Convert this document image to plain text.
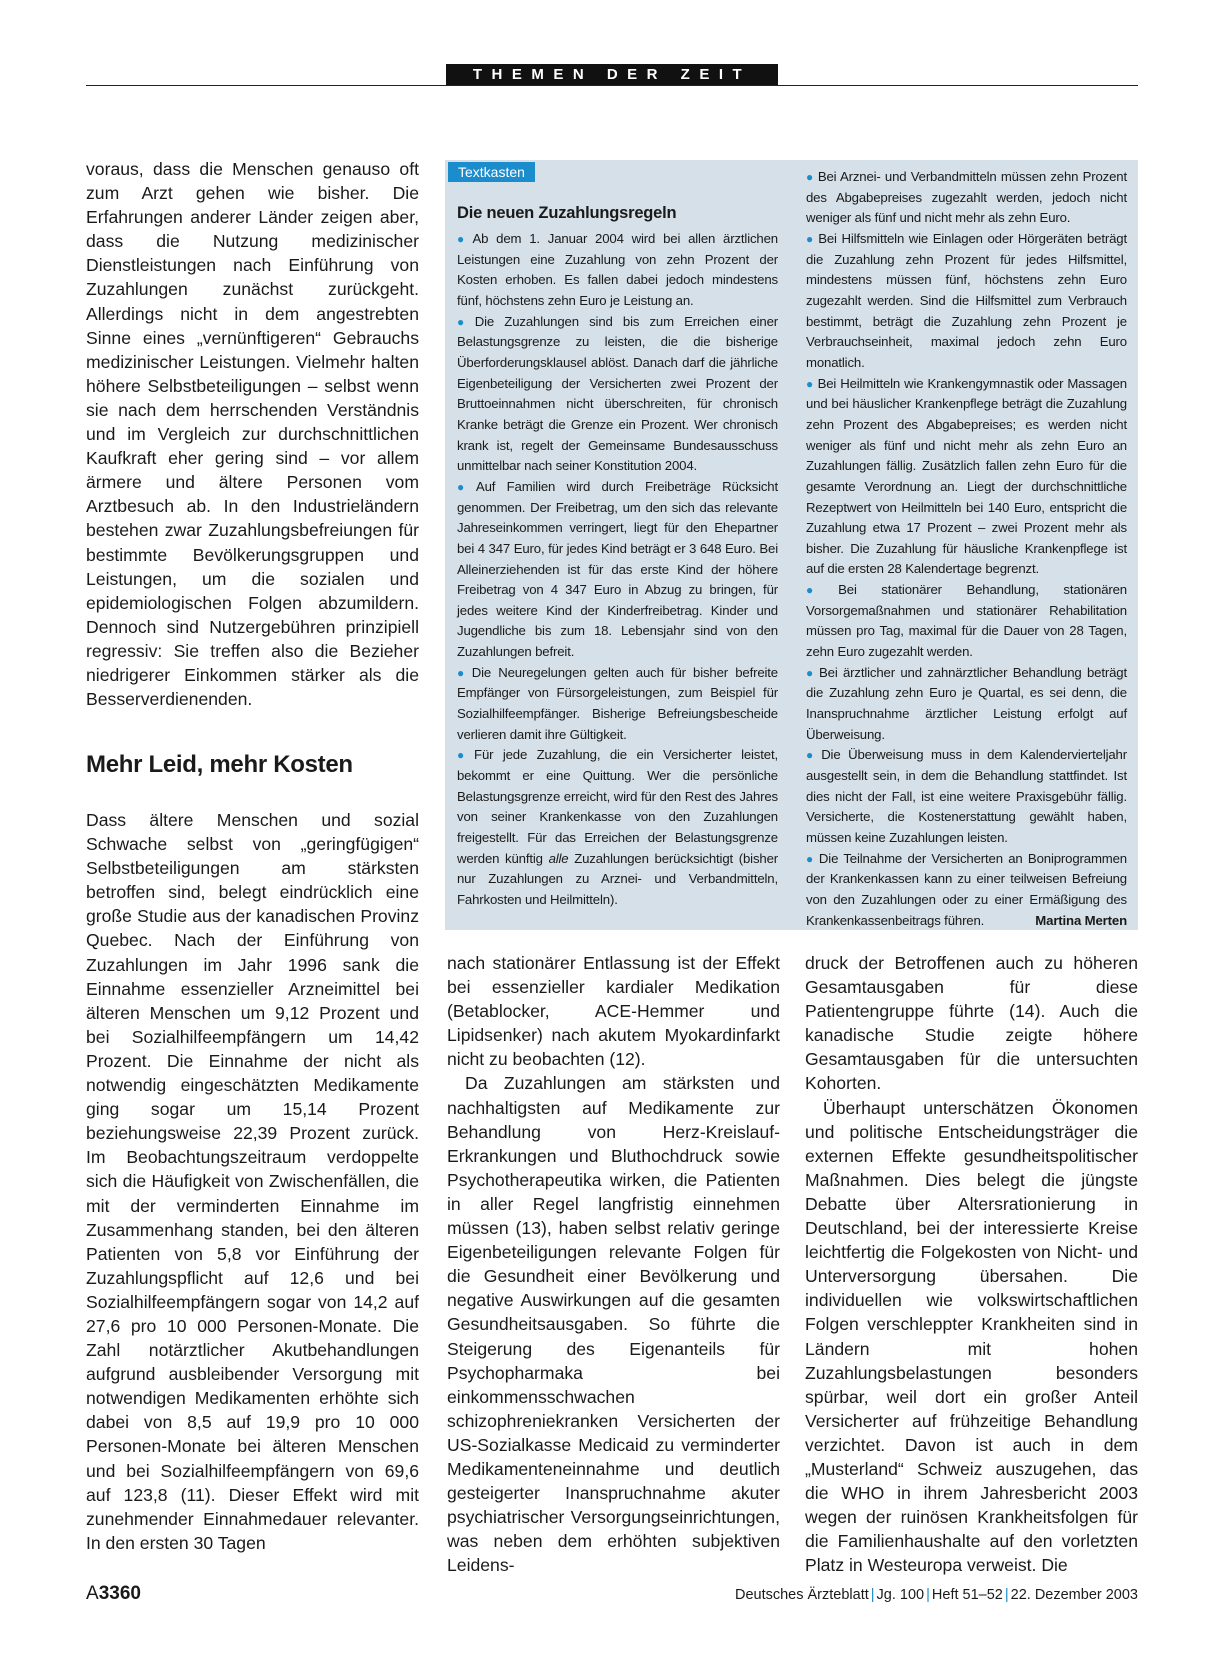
THEMEN DER ZEIT

voraus, dass die Menschen genauso oft zum Arzt gehen wie bisher. Die Erfahrungen anderer Länder zeigen aber, dass die Nutzung medizinischer Dienstleistungen nach Einführung von Zuzahlungen zunächst zurückgeht. Allerdings nicht in dem angestrebten Sinne eines „vernünftigeren“ Gebrauchs medizinischer Leistungen. Vielmehr halten höhere Selbstbeteiligungen – selbst wenn sie nach dem herrschenden Verständnis und im Vergleich zur durchschnittlichen Kaufkraft eher gering sind – vor allem ärmere und ältere Personen vom Arztbesuch ab. In den Industrieländern bestehen zwar Zuzahlungsbefreiungen für bestimmte Bevölkerungsgruppen und Leistungen, um die sozialen und epidemiologischen Folgen abzumildern. Dennoch sind Nutzergebühren prinzipiell regressiv: Sie treffen also die Bezieher niedrigerer Einkommen stärker als die Besserverdienenden.

Mehr Leid, mehr Kosten

Dass ältere Menschen und sozial Schwache selbst von „geringfügigen“ Selbstbeteiligungen am stärksten betroffen sind, belegt eindrücklich eine große Studie aus der kanadischen Provinz Quebec. Nach der Einführung von Zuzahlungen im Jahr 1996 sank die Einnahme essenzieller Arzneimittel bei älteren Menschen um 9,12 Prozent und bei Sozialhilfeempfängern um 14,42 Prozent. Die Einnahme der nicht als notwendig eingeschätzten Medikamente ging sogar um 15,14 Prozent beziehungsweise 22,39 Prozent zurück. Im Beobachtungszeitraum verdoppelte sich die Häufigkeit von Zwischenfällen, die mit der verminderten Einnahme im Zusammenhang standen, bei den älteren Patienten von 5,8 vor Einführung der Zuzahlungspflicht auf 12,6 und bei Sozialhilfeempfängern sogar von 14,2 auf 27,6 pro 10 000 Personen-Monate. Die Zahl notärztlicher Akutbehandlungen aufgrund ausbleibender Versorgung mit notwendigen Medikamenten erhöhte sich dabei von 8,5 auf 19,9 pro 10 000 Personen-Monate bei älteren Menschen und bei Sozialhilfeempfängern von 69,6 auf 123,8 (11). Dieser Effekt wird mit zunehmender Einnahmedauer relevanter. In den ersten 30 Tagen

Textkasten
Die neuen Zuzahlungsregeln

● Ab dem 1. Januar 2004 wird bei allen ärztlichen Leistungen eine Zuzahlung von zehn Prozent der Kosten erhoben. Es fallen dabei jedoch mindestens fünf, höchstens zehn Euro je Leistung an.

● Die Zuzahlungen sind bis zum Erreichen einer Belastungsgrenze zu leisten, die die bisherige Überforderungsklausel ablöst. Danach darf die jährliche Eigenbeteiligung der Versicherten zwei Prozent der Bruttoeinnahmen nicht überschreiten, für chronisch Kranke beträgt die Grenze ein Prozent. Wer chronisch krank ist, regelt der Gemeinsame Bundesausschuss unmittelbar nach seiner Konstitution 2004.

● Auf Familien wird durch Freibeträge Rücksicht genommen. Der Freibetrag, um den sich das relevante Jahreseinkommen verringert, liegt für den Ehepartner bei 4 347 Euro, für jedes Kind beträgt er 3 648 Euro. Bei Alleinerziehenden ist für das erste Kind der höhere Freibetrag von 4 347 Euro in Abzug zu bringen, für jedes weitere Kind der Kinderfreibetrag. Kinder und Jugendliche bis zum 18. Lebensjahr sind von den Zuzahlungen befreit.

● Die Neuregelungen gelten auch für bisher befreite Empfänger von Fürsorgeleistungen, zum Beispiel für Sozialhilfeempfänger. Bisherige Befreiungsbescheide verlieren damit ihre Gültigkeit.

● Für jede Zuzahlung, die ein Versicherter leistet, bekommt er eine Quittung. Wer die persönliche Belastungsgrenze erreicht, wird für den Rest des Jahres von seiner Krankenkasse von den Zuzahlungen freigestellt. Für das Erreichen der Belastungsgrenze werden künftig alle Zuzahlungen berücksichtigt (bisher nur Zuzahlungen zu Arznei- und Verbandmitteln, Fahrkosten und Heilmitteln).

● Bei Arznei- und Verbandmitteln müssen zehn Prozent des Abgabepreises zugezahlt werden, jedoch nicht weniger als fünf und nicht mehr als zehn Euro.

● Bei Hilfsmitteln wie Einlagen oder Hörgeräten beträgt die Zuzahlung zehn Prozent für jedes Hilfsmittel, mindestens müssen fünf, höchstens zehn Euro zugezahlt werden. Sind die Hilfsmittel zum Verbrauch bestimmt, beträgt die Zuzahlung zehn Prozent je Verbrauchseinheit, maximal jedoch zehn Euro monatlich.

● Bei Heilmitteln wie Krankengymnastik oder Massagen und bei häuslicher Krankenpflege beträgt die Zuzahlung zehn Prozent des Abgabepreises; es werden nicht weniger als fünf und nicht mehr als zehn Euro an Zuzahlungen fällig. Zusätzlich fallen zehn Euro für die gesamte Verordnung an. Liegt der durchschnittliche Rezeptwert von Heilmitteln bei 140 Euro, entspricht die Zuzahlung etwa 17 Prozent – zwei Prozent mehr als bisher. Die Zuzahlung für häusliche Krankenpflege ist auf die ersten 28 Kalendertage begrenzt.

● Bei stationärer Behandlung, stationären Vorsorgemaßnahmen und stationärer Rehabilitation müssen pro Tag, maximal für die Dauer von 28 Tagen, zehn Euro zugezahlt werden.

● Bei ärztlicher und zahnärztlicher Behandlung beträgt die Zuzahlung zehn Euro je Quartal, es sei denn, die Inanspruchnahme ärztlicher Leistung erfolgt auf Überweisung.

● Die Überweisung muss in dem Kalendervierteljahr ausgestellt sein, in dem die Behandlung stattfindet. Ist dies nicht der Fall, ist eine weitere Praxisgebühr fällig. Versicherte, die Kostenerstattung gewählt haben, müssen keine Zuzahlungen leisten.

● Die Teilnahme der Versicherten an Boniprogrammen der Krankenkassen kann zu einer teilweisen Befreiung von den Zuzahlungen oder zu einer Ermäßigung des Krankenkassenbeitrags führen.	Martina Merten

nach stationärer Entlassung ist der Effekt bei essenzieller kardialer Medikation (Betablocker, ACE-Hemmer und Lipidsenker) nach akutem Myokardinfarkt nicht zu beobachten (12).

Da Zuzahlungen am stärksten und nachhaltigsten auf Medikamente zur Behandlung von Herz-Kreislauf-Erkrankungen und Bluthochdruck sowie Psychotherapeutika wirken, die Patienten in aller Regel langfristig einnehmen müssen (13), haben selbst relativ geringe Eigenbeteiligungen relevante Folgen für die Gesundheit einer Bevölkerung und negative Auswirkungen auf die gesamten Gesundheitsausgaben. So führte die Steigerung des Eigenanteils für Psychopharmaka bei einkommensschwachen schizophreniekranken Versicherten der US-Sozialkasse Medicaid zu verminderter Medikamenteneinnahme und deutlich gesteigerter Inanspruchnahme akuter psychiatrischer Versorgungseinrichtungen, was neben dem erhöhten subjektiven Leidens-

druck der Betroffenen auch zu höheren Gesamtausgaben für diese Patientengruppe führte (14). Auch die kanadische Studie zeigte höhere Gesamtausgaben für die untersuchten Kohorten.

Überhaupt unterschätzen Ökonomen und politische Entscheidungsträger die externen Effekte gesundheitspolitischer Maßnahmen. Dies belegt die jüngste Debatte über Altersrationierung in Deutschland, bei der interessierte Kreise leichtfertig die Folgekosten von Nicht- und Unterversorgung übersahen. Die individuellen wie volkswirtschaftlichen Folgen verschleppter Krankheiten sind in Ländern mit hohen Zuzahlungsbelastungen besonders spürbar, weil dort ein großer Anteil Versicherter auf frühzeitige Behandlung verzichtet. Davon ist auch in dem „Musterland“ Schweiz auszugehen, das die WHO in ihrem Jahresbericht 2003 wegen der ruinösen Krankheitsfolgen für die Familienhaushalte auf den vorletzten Platz in Westeuropa verweist. Die

A3360	Deutsches Ärzteblatt | Jg. 100 | Heft 51–52 | 22. Dezember 2003
